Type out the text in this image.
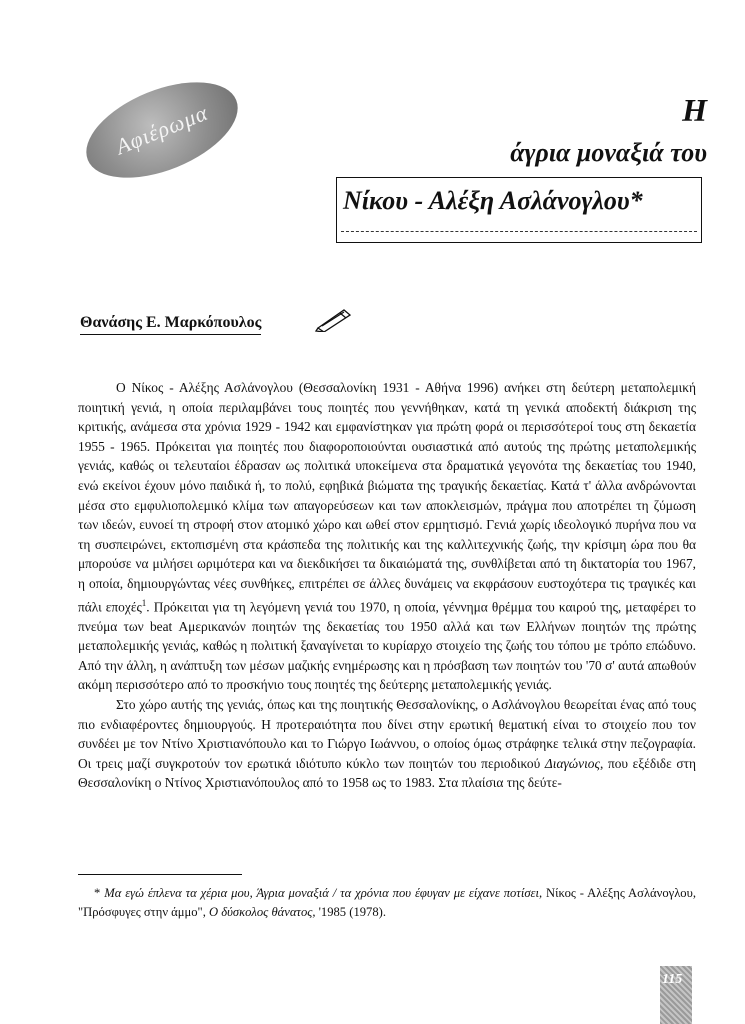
Αφιέρωμα	Η
άγρια μοναξιά του
Νίκου - Αλέξη Ασλάνογλου*
Θανάσης Ε. Μαρκόπουλος

Ο Νίκος - Αλέξης Ασλάνογλου (Θεσσαλονίκη 1931 - Αθήνα 1996) ανήκει στη δεύτερη μεταπολεμική ποιητική γενιά, η οποία περιλαμβάνει τους ποιητές που γεννήθηκαν, κατά τη γενικά αποδεκτή διάκριση της κριτικής, ανάμεσα στα χρόνια 1929 - 1942 και εμφανίστηκαν για πρώτη φορά οι περισσότεροί τους στη δεκαετία 1955 - 1965. Πρόκειται για ποιητές που διαφοροποιούνται ουσιαστικά από αυτούς της πρώτης μεταπολεμικής γενιάς, καθώς οι τελευταίοι έδρασαν ως πολιτικά υποκείμενα στα δραματικά γεγονότα της δεκαετίας του 1940, ενώ εκείνοι έχουν μόνο παιδικά ή, το πολύ, εφηβικά βιώματα της τραγικής δεκαετίας. Κατά τ' άλλα ανδρώνονται μέσα στο εμφυλιοπολεμικό κλίμα των απαγορεύσεων και των αποκλεισμών, πράγμα που αποτρέπει τη ζύμωση των ιδεών, ευνοεί τη στροφή στον ατομικό χώρο και ωθεί στον ερμητισμό. Γενιά χωρίς ιδεολογικό πυρήνα που να τη συσπειρώνει, εκτοπισμένη στα κράσπεδα της πολιτικής και της καλλιτεχνικής ζωής, την κρίσιμη ώρα που θα μπορούσε να μιλήσει ωριμότερα και να διεκδικήσει τα δικαιώματά της, συνθλίβεται από τη δικτατορία του 1967, η οποία, δημιουργώντας νέες συνθήκες, επιτρέπει σε άλλες δυνάμεις να εκφράσουν ευστοχότερα τις τραγικές και πάλι εποχές$^1$. Πρόκειται για τη λεγόμενη γενιά του 1970, η οποία, γέννημα θρέμμα του καιρού της, μεταφέρει το πνεύμα των beat Αμερικανών ποιητών της δεκαετίας του 1950 αλλά και των Ελλήνων ποιητών της πρώτης μεταπολεμικής γενιάς, καθώς η πολιτική ξαναγίνεται το κυρίαρχο στοιχείο της ζωής του τόπου με τρόπο επώδυνο. Από την άλλη, η ανάπτυξη των μέσων μαζικής ενημέρωσης και η πρόσβαση των ποιητών του '70 σ' αυτά απωθούν ακόμη περισσότερο από το προσκήνιο τους ποιητές της δεύτερης μεταπολεμικής γενιάς.

Στο χώρο αυτής της γενιάς, όπως και της ποιητικής Θεσσαλονίκης, ο Ασλάνογλου θεωρείται ένας από τους πιο ενδιαφέροντες δημιουργούς. Η προτεραιότητα που δίνει στην ερωτική θεματική είναι το στοιχείο που τον συνδέει με τον Ντίνο Χριστιανόπουλο και το Γιώργο Ιωάννου, ο οποίος όμως στράφηκε τελικά στην πεζογραφία. Οι τρεις μαζί συγκροτούν τον ερωτικά ιδιότυπο κύκλο των ποιητών του περιοδικού Διαγώνιος, που εξέδιδε στη Θεσσαλονίκη ο Ντίνος Χριστιανόπουλος από το 1958 ως το 1983. Στα πλαίσια της δεύτε-

* Μα εγώ έπλενα τα χέρια μου, Άγρια μοναξιά / τα χρόνια που έφυγαν με είχανε ποτίσει, Νίκος - Αλέξης Ασλάνογλου, "Πρόσφυγες στην άμμο", Ο δύσκολος θάνατος, '1985 (1978).
115
